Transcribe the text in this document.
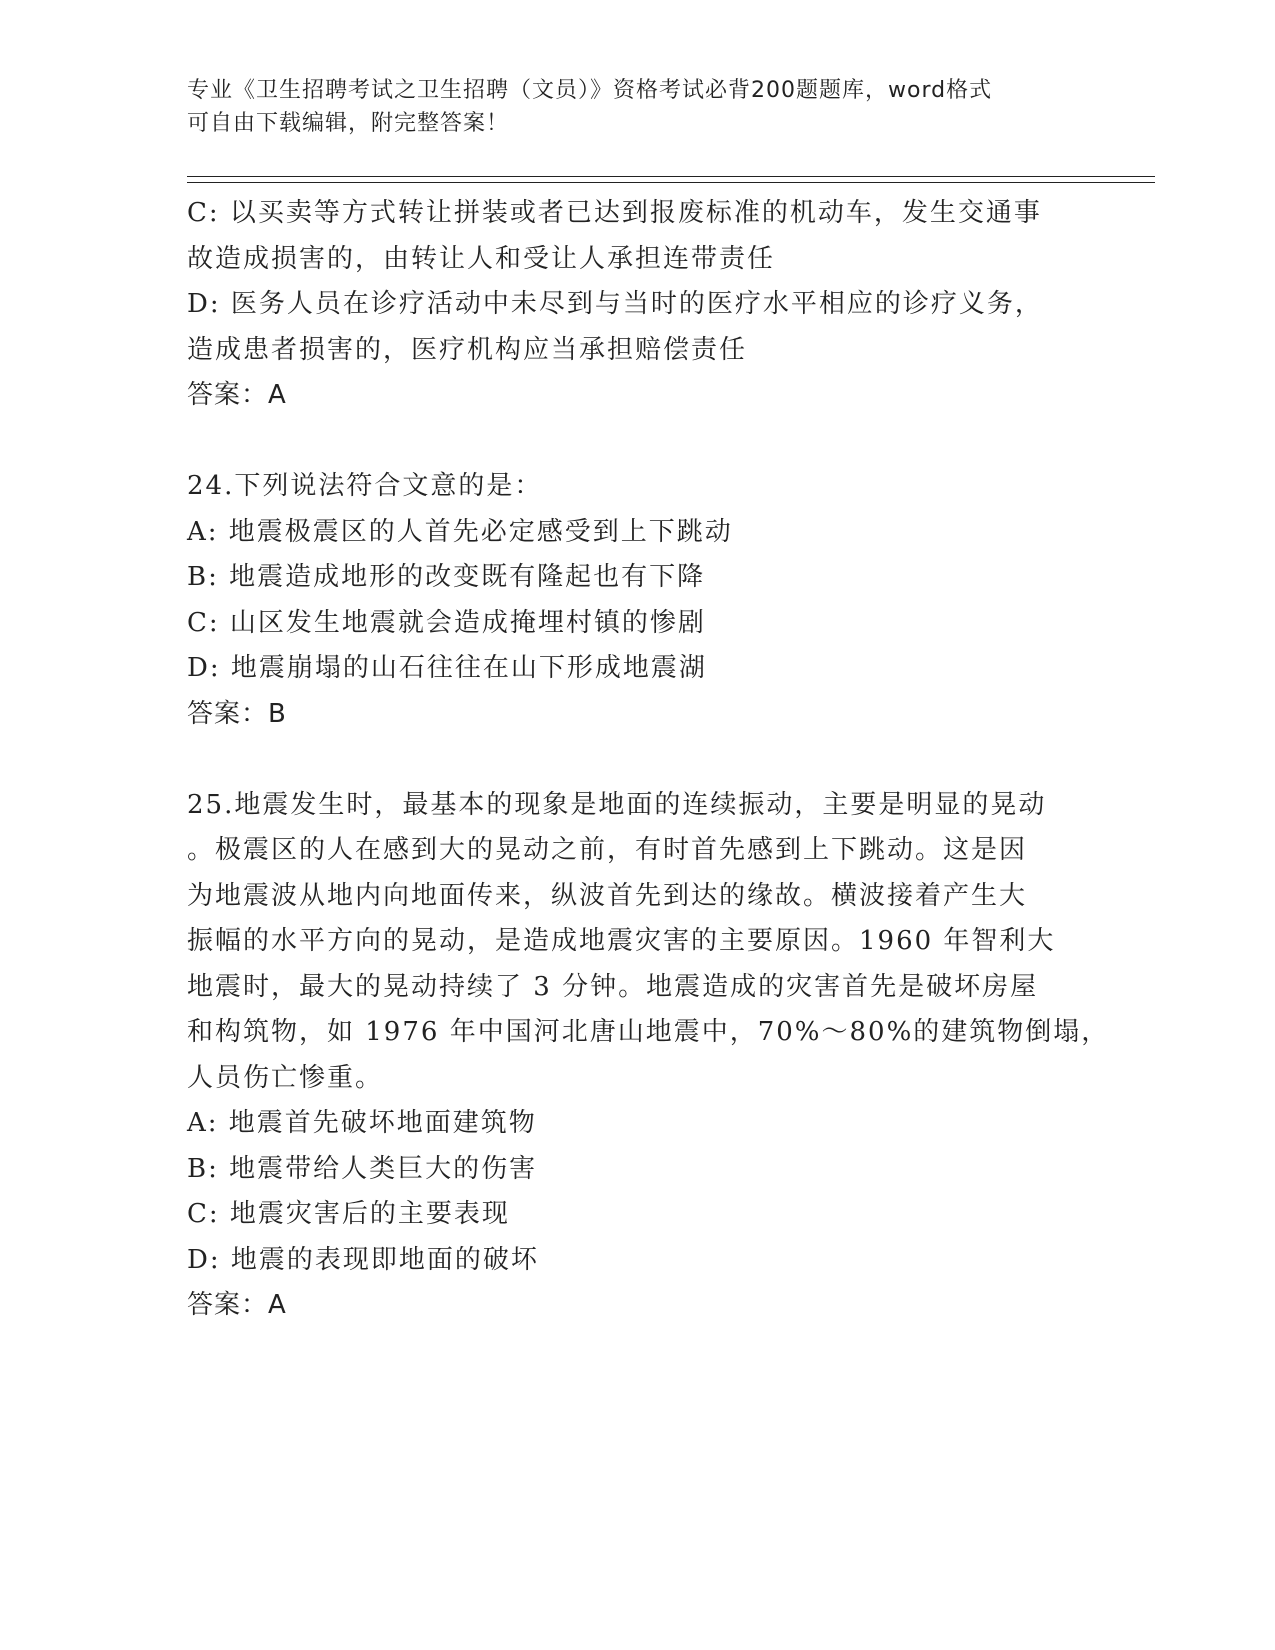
专业《卫生招聘考试之卫生招聘（文员）》资格考试必背200题题库，word格式

可自由下载编辑，附完整答案！

C: 以买卖等方式转让拼装或者已达到报废标准的机动车，发生交通事

故造成损害的，由转让人和受让人承担连带责任

D: 医务人员在诊疗活动中未尽到与当时的医疗水平相应的诊疗义务，

造成患者损害的，医疗机构应当承担赔偿责任

答案：A

24.下列说法符合文意的是：

A: 地震极震区的人首先必定感受到上下跳动

B: 地震造成地形的改变既有隆起也有下降

C: 山区发生地震就会造成掩埋村镇的惨剧

D: 地震崩塌的山石往往在山下形成地震湖

答案：B

25.地震发生时，最基本的现象是地面的连续振动，主要是明显的晃动

。极震区的人在感到大的晃动之前，有时首先感到上下跳动。这是因

为地震波从地内向地面传来，纵波首先到达的缘故。横波接着产生大

振幅的水平方向的晃动，是造成地震灾害的主要原因。1960 年智利大

地震时，最大的晃动持续了 3 分钟。地震造成的灾害首先是破坏房屋

和构筑物，如 1976 年中国河北唐山地震中，70%～80%的建筑物倒塌，

人员伤亡惨重。

A: 地震首先破坏地面建筑物

B: 地震带给人类巨大的伤害

C: 地震灾害后的主要表现

D: 地震的表现即地面的破坏

答案：A
